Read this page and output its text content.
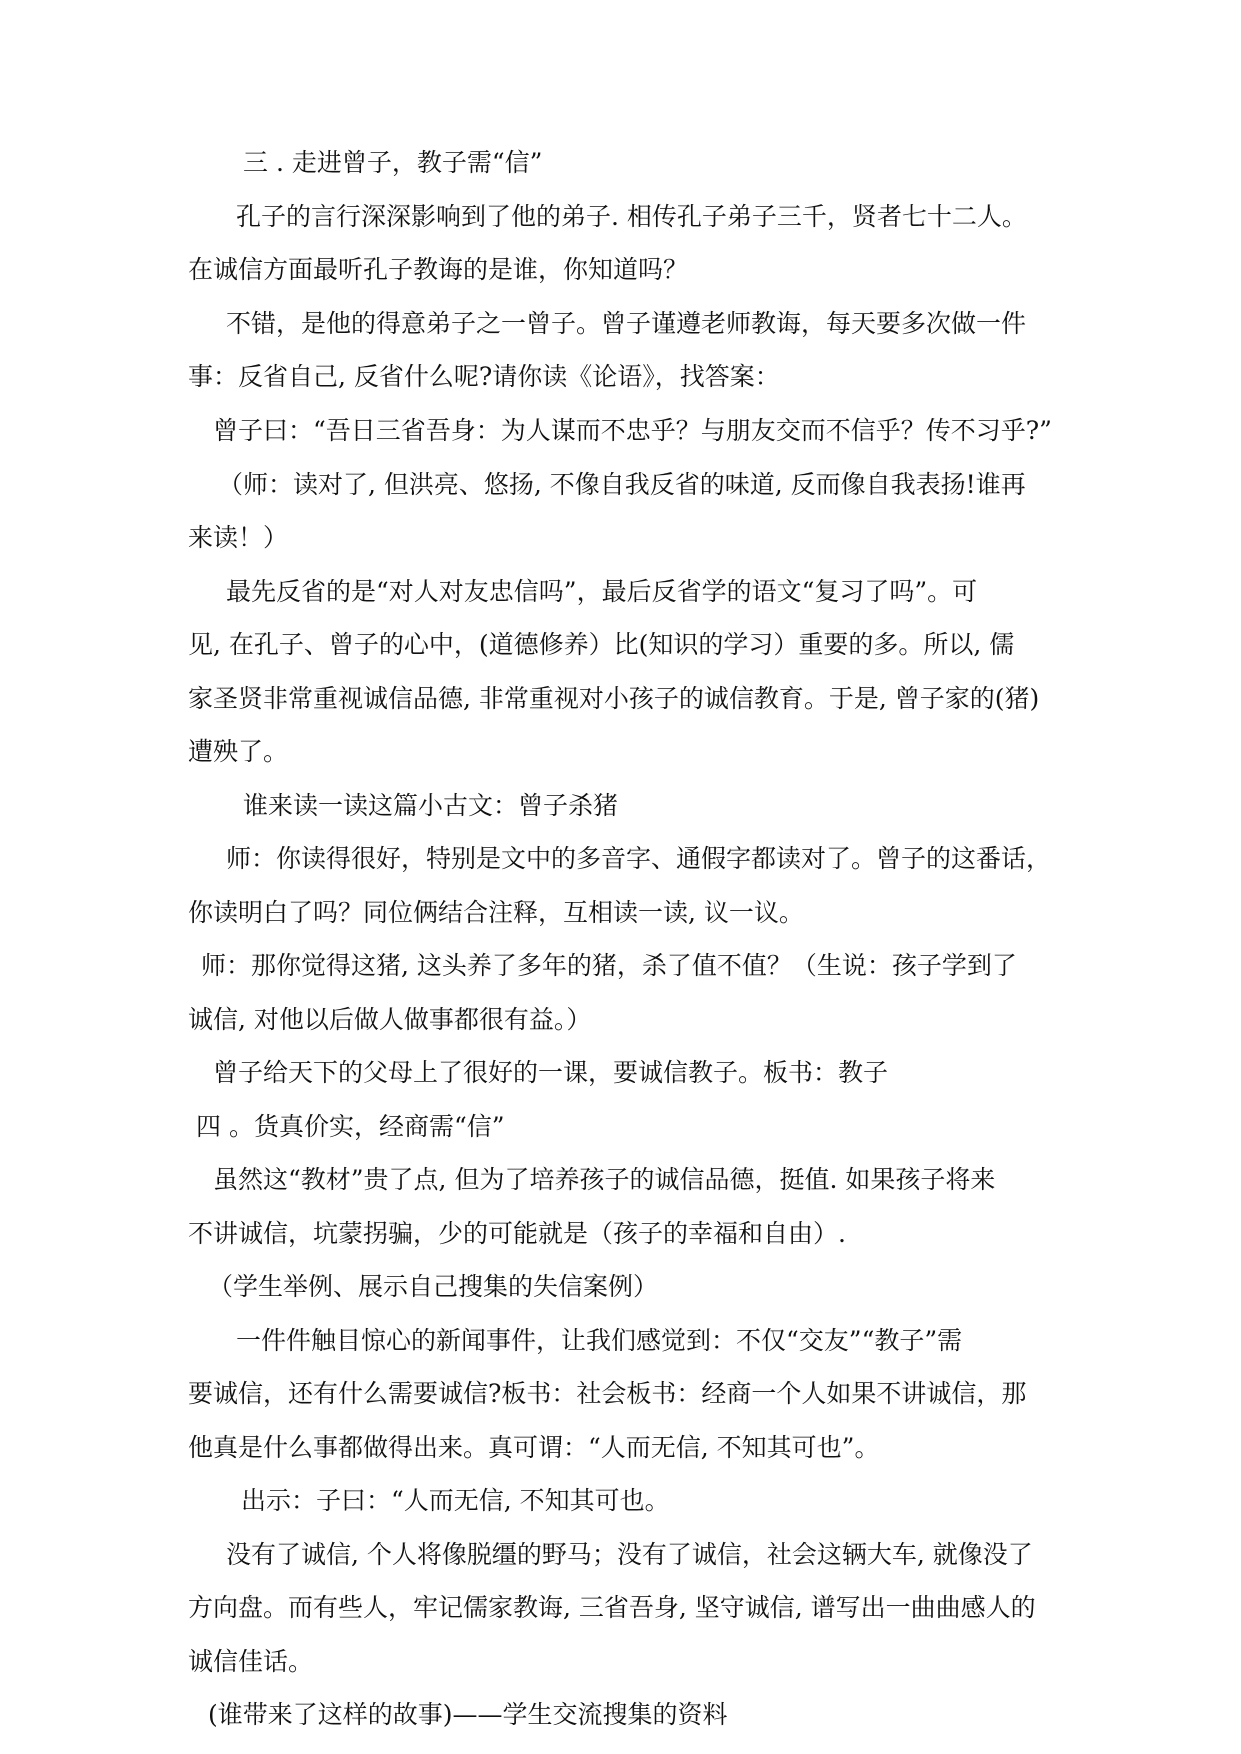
三 . 走进曾子，教子需“信”
孔子的言行深深影响到了他的弟子. 相传孔子弟子三千，贤者七十二人。
在诚信方面最听孔子教诲的是谁，你知道吗？
不错，是他的得意弟子之一曾子。曾子谨遵老师教诲，每天要多次做一件
事：反省自己, 反省什么呢?请你读《论语》，找答案：
曾子曰：“吾日三省吾身：为人谋而不忠乎？与朋友交而不信乎？传不习乎?”
（师：读对了, 但洪亮、悠扬, 不像自我反省的味道, 反而像自我表扬!谁再
来读！）
最先反省的是“对人对友忠信吗”，最后反省学的语文“复习了吗”。可
见, 在孔子、曾子的心中，(道德修养）比(知识的学习）重要的多。所以, 儒
家圣贤非常重视诚信品德, 非常重视对小孩子的诚信教育。于是, 曾子家的(猪)
遭殃了。
谁来读一读这篇小古文：曾子杀猪
师：你读得很好，特别是文中的多音字、通假字都读对了。曾子的这番话，
你读明白了吗？同位俩结合注释，互相读一读, 议一议。
师：那你觉得这猪, 这头养了多年的猪，杀了值不值？（生说：孩子学到了
诚信, 对他以后做人做事都很有益。）
曾子给天下的父母上了很好的一课，要诚信教子。板书：教子
四 。货真价实，经商需“信”
虽然这“教材”贵了点, 但为了培养孩子的诚信品德，挺值. 如果孩子将来
不讲诚信，坑蒙拐骗，少的可能就是（孩子的幸福和自由）.
（学生举例、展示自己搜集的失信案例）
一件件触目惊心的新闻事件，让我们感觉到：不仅“交友”“教子”需
要诚信，还有什么需要诚信?板书：社会板书：经商一个人如果不讲诚信，那
他真是什么事都做得出来。真可谓：“人而无信, 不知其可也”。
出示：子曰：“人而无信, 不知其可也。
没有了诚信, 个人将像脱缰的野马；没有了诚信，社会这辆大车, 就像没了
方向盘。而有些人，牢记儒家教诲, 三省吾身, 坚守诚信, 谱写出一曲曲感人的
诚信佳话。
(谁带来了这样的故事)——学生交流搜集的资料
